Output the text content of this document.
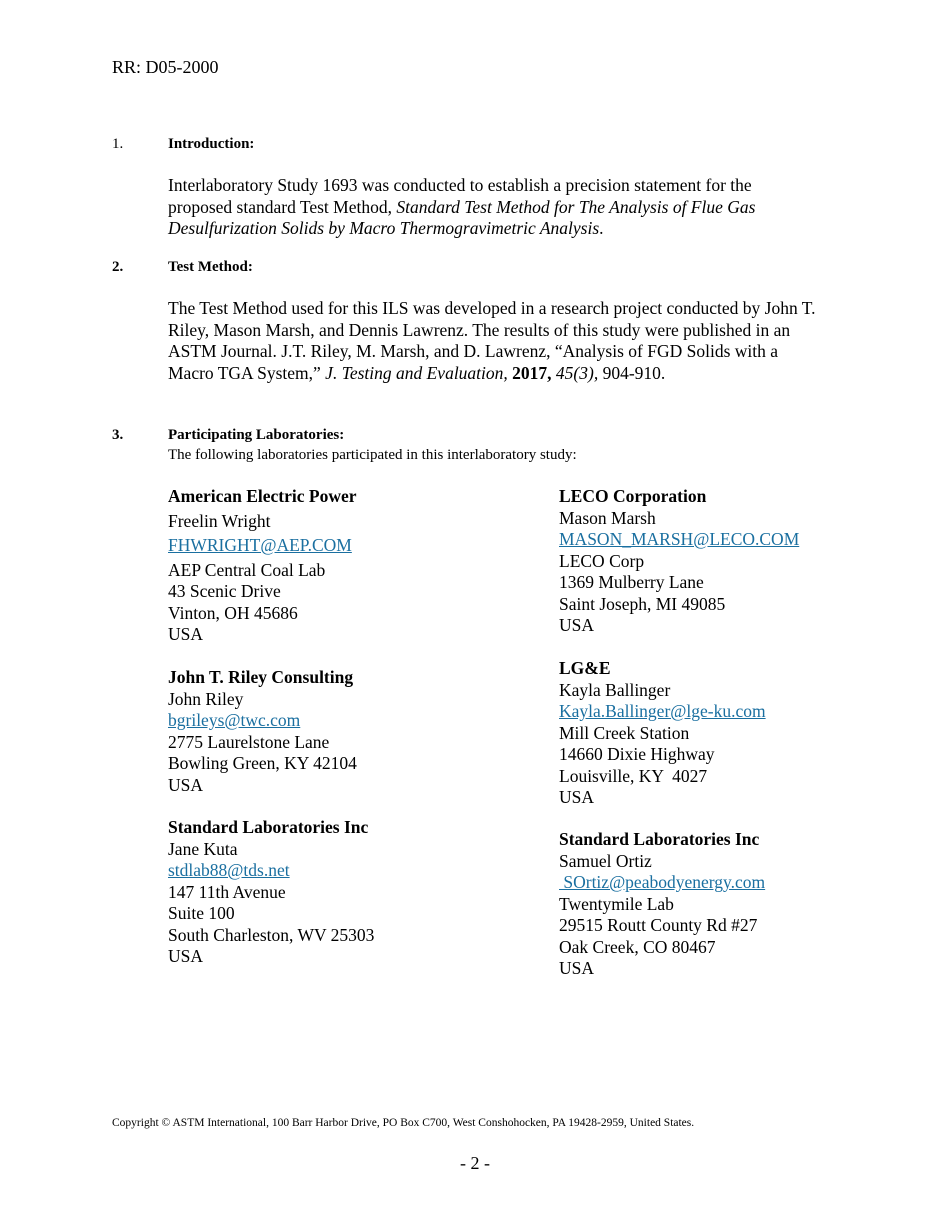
RR: D05-2000
1.	Introduction:
Interlaboratory Study 1693 was conducted to establish a precision statement for the proposed standard Test Method, Standard Test Method for The Analysis of Flue Gas Desulfurization Solids by Macro Thermogravimetric Analysis.
2.	Test Method:
The Test Method used for this ILS was developed in a research project conducted by John T. Riley, Mason Marsh, and Dennis Lawrenz. The results of this study were published in an ASTM Journal. J.T. Riley, M. Marsh, and D. Lawrenz, “Analysis of FGD Solids with a Macro TGA System,” J. Testing and Evaluation, 2017, 45(3), 904-910.
3.	Participating Laboratories:
The following laboratories participated in this interlaboratory study:
American Electric Power
Freelin Wright
FHWRIGHT@AEP.COM
AEP Central Coal Lab
43 Scenic Drive
Vinton, OH 45686
USA
LECO Corporation
Mason Marsh
MASON_MARSH@LECO.COM
LECO Corp
1369 Mulberry Lane
Saint Joseph, MI 49085
USA
John T. Riley Consulting
John Riley
bgrileys@twc.com
2775 Laurelstone Lane
Bowling Green, KY 42104
USA
LG&E
Kayla Ballinger
Kayla.Ballinger@lge-ku.com
Mill Creek Station
14660 Dixie Highway
Louisville, KY  4027
USA
Standard Laboratories Inc
Jane Kuta
stdlab88@tds.net
147 11th Avenue
Suite 100
South Charleston, WV 25303
USA
Standard Laboratories Inc
Samuel Ortiz
SOrtiz@peabodyenergy.com
Twentymile Lab
29515 Routt County Rd #27
Oak Creek, CO 80467
USA
Copyright © ASTM International, 100 Barr Harbor Drive, PO Box C700, West Conshohocken, PA 19428-2959, United States.
- 2 -
